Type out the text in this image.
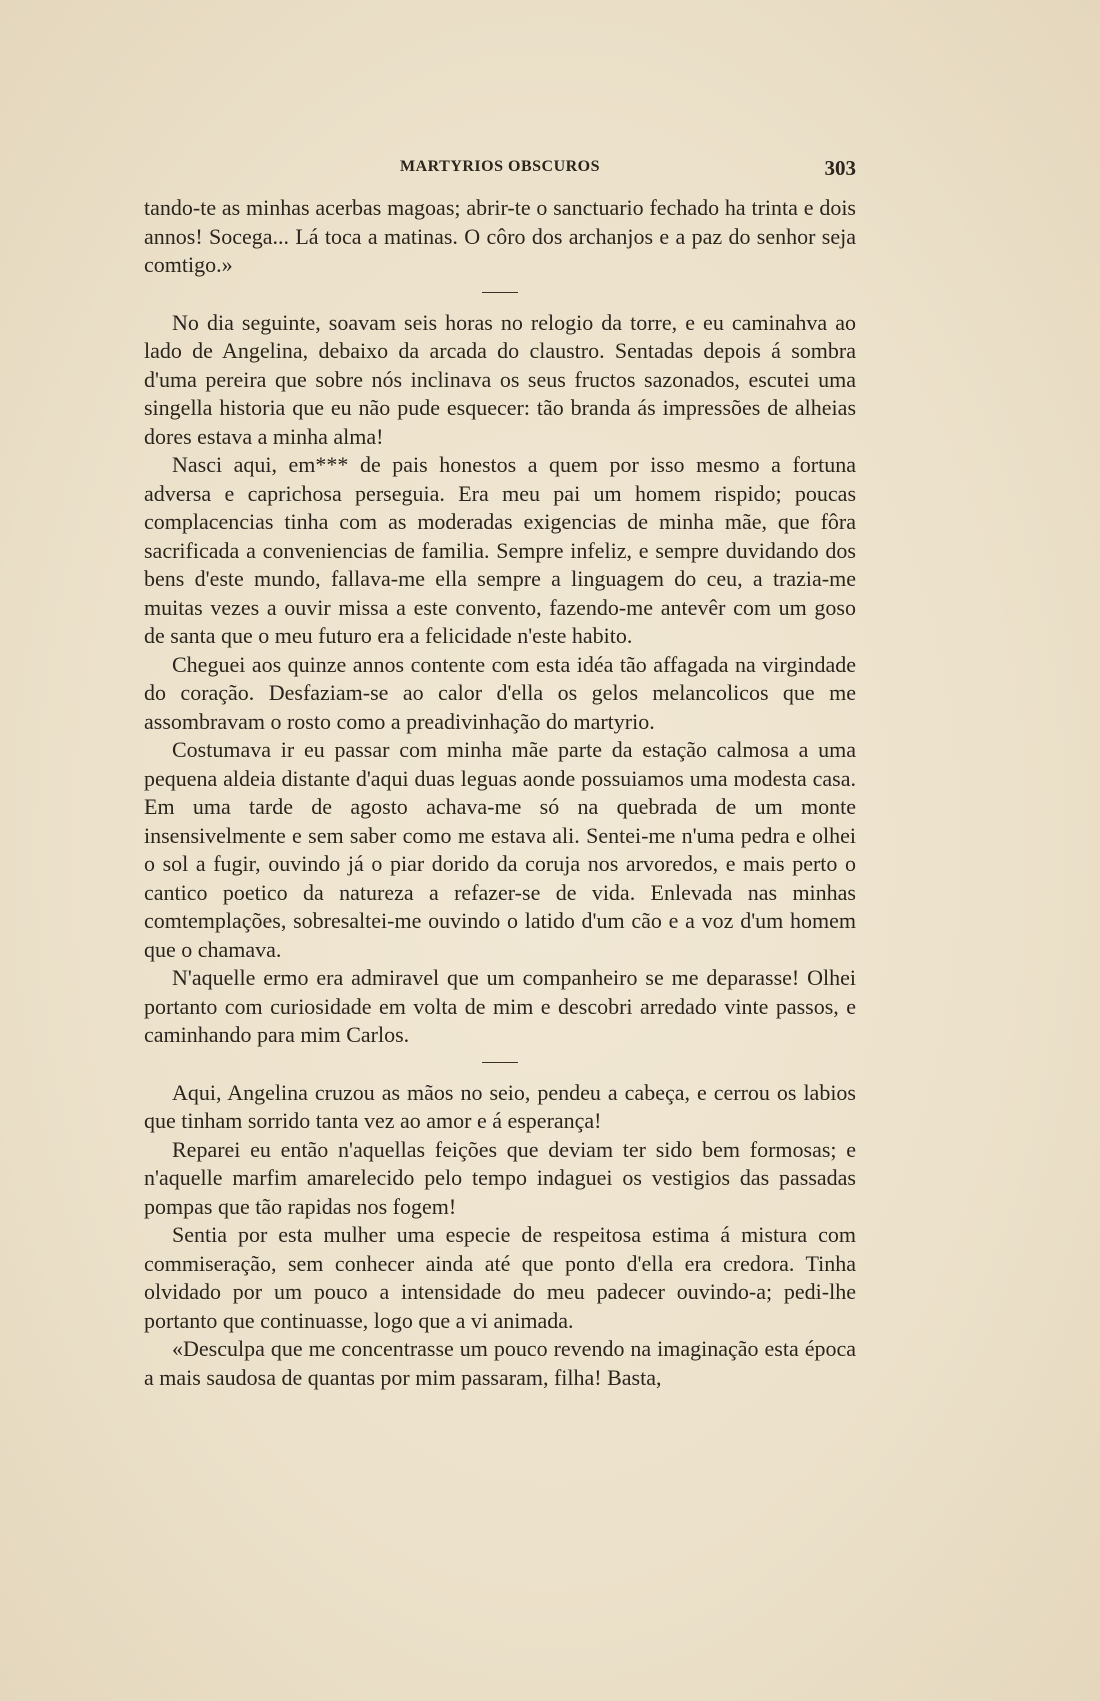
MARTYRIOS OBSCUROS	303

tando-te as minhas acerbas magoas; abrir-te o sanctuario fechado ha trinta e dois annos! Socega... Lá toca a matinas. O côro dos archanjos e a paz do senhor seja comtigo.»

No dia seguinte, soavam seis horas no relogio da torre, e eu caminahva ao lado de Angelina, debaixo da arcada do claustro. Sentadas depois á sombra d'uma pereira que sobre nós inclinava os seus fructos sazonados, escutei uma singella historia que eu não pude esquecer: tão branda ás impressões de alheias dores estava a minha alma!

Nasci aqui, em*** de pais honestos a quem por isso mesmo a fortuna adversa e caprichosa perseguia. Era meu pai um homem rispido; poucas complacencias tinha com as moderadas exigencias de minha mãe, que fôra sacrificada a conveniencias de familia. Sempre infeliz, e sempre duvidando dos bens d'este mundo, fallava-me ella sempre a linguagem do ceu, a trazia-me muitas vezes a ouvir missa a este convento, fazendo-me antevêr com um goso de santa que o meu futuro era a felicidade n'este habito.

Cheguei aos quinze annos contente com esta idéa tão affagada na virgindade do coração. Desfaziam-se ao calor d'ella os gelos melancolicos que me assombravam o rosto como a preadivinhação do martyrio.

Costumava ir eu passar com minha mãe parte da estação calmosa a uma pequena aldeia distante d'aqui duas leguas aonde possuiamos uma modesta casa. Em uma tarde de agosto achava-me só na quebrada de um monte insensivelmente e sem saber como me estava ali. Sentei-me n'uma pedra e olhei o sol a fugir, ouvindo já o piar dorido da coruja nos arvoredos, e mais perto o cantico poetico da natureza a refazer-se de vida. Enlevada nas minhas comtemplações, sobresaltei-me ouvindo o latido d'um cão e a voz d'um homem que o chamava.

N'aquelle ermo era admiravel que um companheiro se me deparasse! Olhei portanto com curiosidade em volta de mim e descobri arredado vinte passos, e caminhando para mim Carlos.

Aqui, Angelina cruzou as mãos no seio, pendeu a cabeça, e cerrou os labios que tinham sorrido tanta vez ao amor e á esperança!

Reparei eu então n'aquellas feições que deviam ter sido bem formosas; e n'aquelle marfim amarelecido pelo tempo indaguei os vestigios das passadas pompas que tão rapidas nos fogem!

Sentia por esta mulher uma especie de respeitosa estima á mistura com commiseração, sem conhecer ainda até que ponto d'ella era credora. Tinha olvidado por um pouco a intensidade do meu padecer ouvindo-a; pedi-lhe portanto que continuasse, logo que a vi animada.

«Desculpa que me concentrasse um pouco revendo na imaginação esta época a mais saudosa de quantas por mim passaram, filha! Basta,
